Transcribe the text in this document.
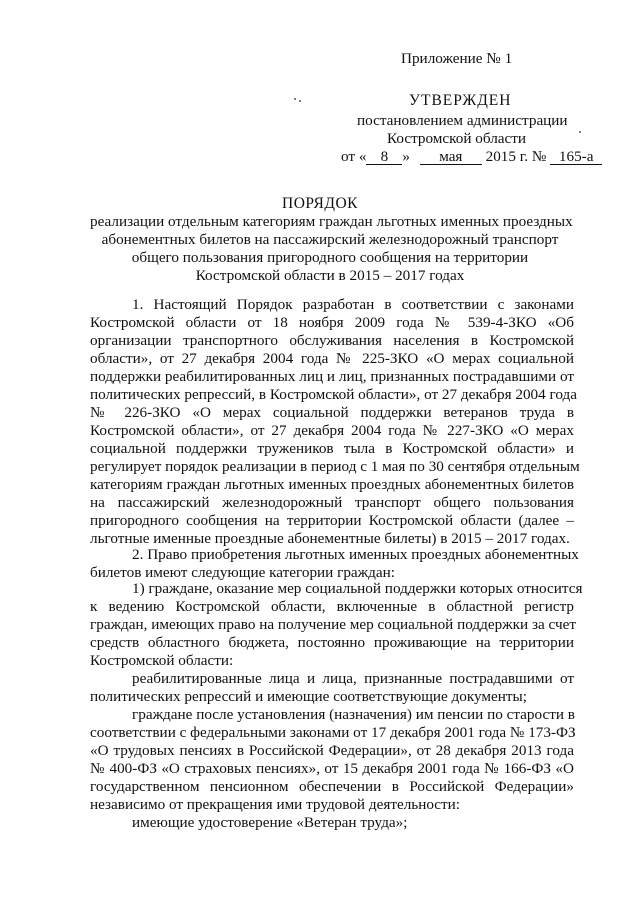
Приложение № 1
УТВЕРЖДЕН
постановлением администрации
Костромской области
от « 8 » мая 2015 г. № 165-а
ПОРЯДОК
реализации отдельным категориям граждан льготных именных проездных
абонементных билетов на пассажирский железнодорожный транспорт
общего пользования пригородного сообщения на территории
Костромской области в 2015 – 2017 годах
1. Настоящий Порядок разработан в соответствии с законами
Костромской области от 18 ноября 2009 года № 539-4-ЗКО «Об
организации транспортного обслуживания населения в Костромской
области», от 27 декабря 2004 года № 225-ЗКО «О мерах социальной
поддержки реабилитированных лиц и лиц, признанных пострадавшими от
политических репрессий, в Костромской области», от 27 декабря 2004 года
№ 226-ЗКО «О мерах социальной поддержки ветеранов труда в
Костромской области», от 27 декабря 2004 года № 227-ЗКО «О мерах
социальной поддержки тружеников тыла в Костромской области» и
регулирует порядок реализации в период с 1 мая по 30 сентября отдельным
категориям граждан льготных именных проездных абонементных билетов
на пассажирский железнодорожный транспорт общего пользования
пригородного сообщения на территории Костромской области (далее –
льготные именные проездные абонементные билеты) в 2015 – 2017 годах.
2. Право приобретения льготных именных проездных абонементных
билетов имеют следующие категории граждан:
1) граждане, оказание мер социальной поддержки которых относится
к ведению Костромской области, включенные в областной регистр
граждан, имеющих право на получение мер социальной поддержки за счет
средств областного бюджета, постоянно проживающие на территории
Костромской области:
реабилитированные лица и лица, признанные пострадавшими от
политических репрессий и имеющие соответствующие документы;
граждане после установления (назначения) им пенсии по старости в
соответствии с федеральными законами от 17 декабря 2001 года № 173-ФЗ
«О трудовых пенсиях в Российской Федерации», от 28 декабря 2013 года
№ 400-ФЗ «О страховых пенсиях», от 15 декабря 2001 года № 166-ФЗ «О
государственном пенсионном обеспечении в Российской Федерации»
независимо от прекращения ими трудовой деятельности:
имеющие удостоверение «Ветеран труда»;
